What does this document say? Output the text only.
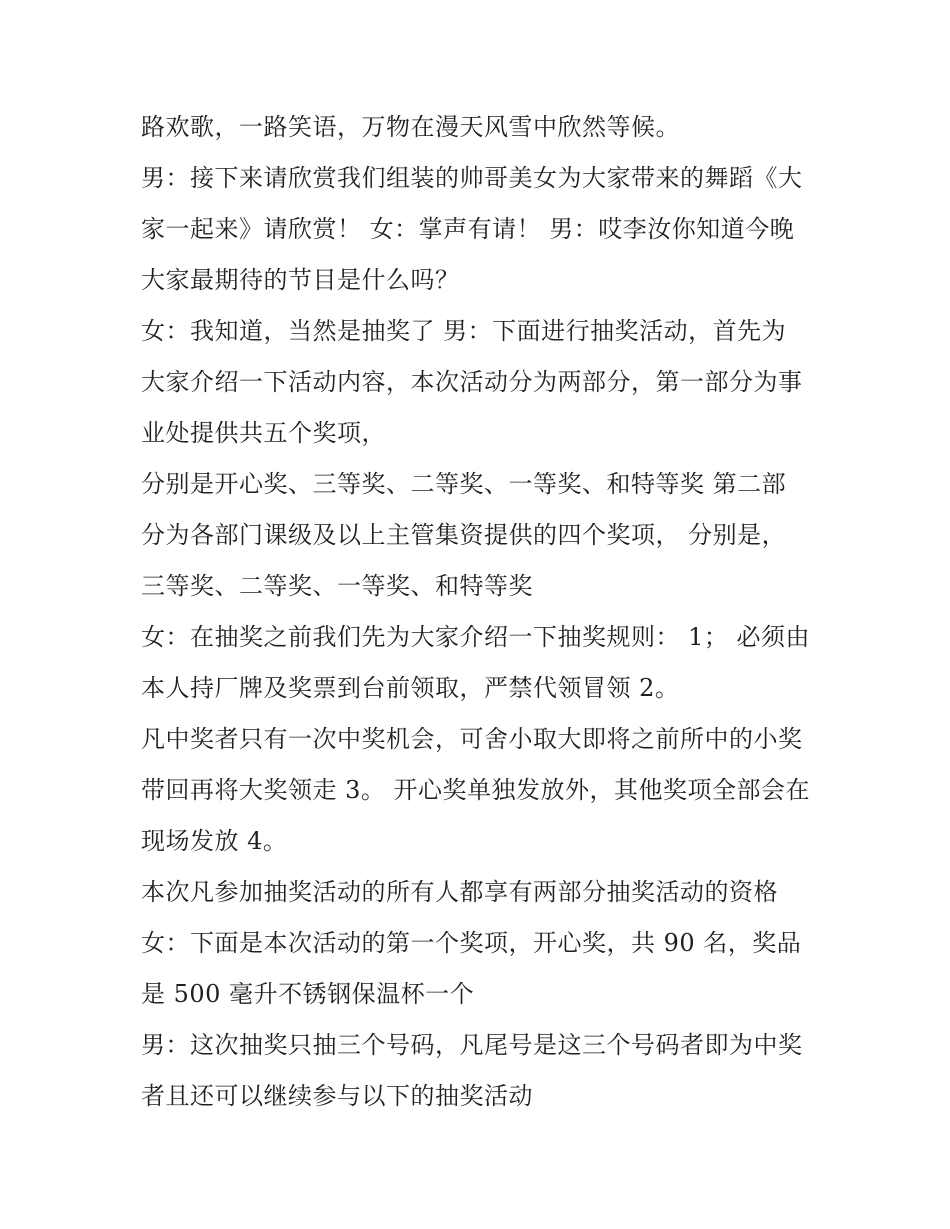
路欢歌，一路笑语，万物在漫天风雪中欣然等候。
男：接下来请欣赏我们组装的帅哥美女为大家带来的舞蹈《大
家一起来》请欣赏！ 女：掌声有请！ 男：哎李汝你知道今晚
大家最期待的节目是什么吗？
女：我知道，当然是抽奖了 男：下面进行抽奖活动，首先为
大家介绍一下活动内容，本次活动分为两部分，第一部分为事
业处提供共五个奖项，
分别是开心奖、三等奖、二等奖、一等奖、和特等奖 第二部
分为各部门课级及以上主管集资提供的四个奖项， 分别是，
三等奖、二等奖、一等奖、和特等奖
女：在抽奖之前我们先为大家介绍一下抽奖规则： 1； 必须由
本人持厂牌及奖票到台前领取，严禁代领冒领 2。
凡中奖者只有一次中奖机会，可舍小取大即将之前所中的小奖
带回再将大奖领走 3。 开心奖单独发放外，其他奖项全部会在
现场发放 4。
本次凡参加抽奖活动的所有人都享有两部分抽奖活动的资格
女：下面是本次活动的第一个奖项，开心奖，共 90 名，奖品
是 500 毫升不锈钢保温杯一个
男：这次抽奖只抽三个号码，凡尾号是这三个号码者即为中奖
者且还可以继续参与以下的抽奖活动
